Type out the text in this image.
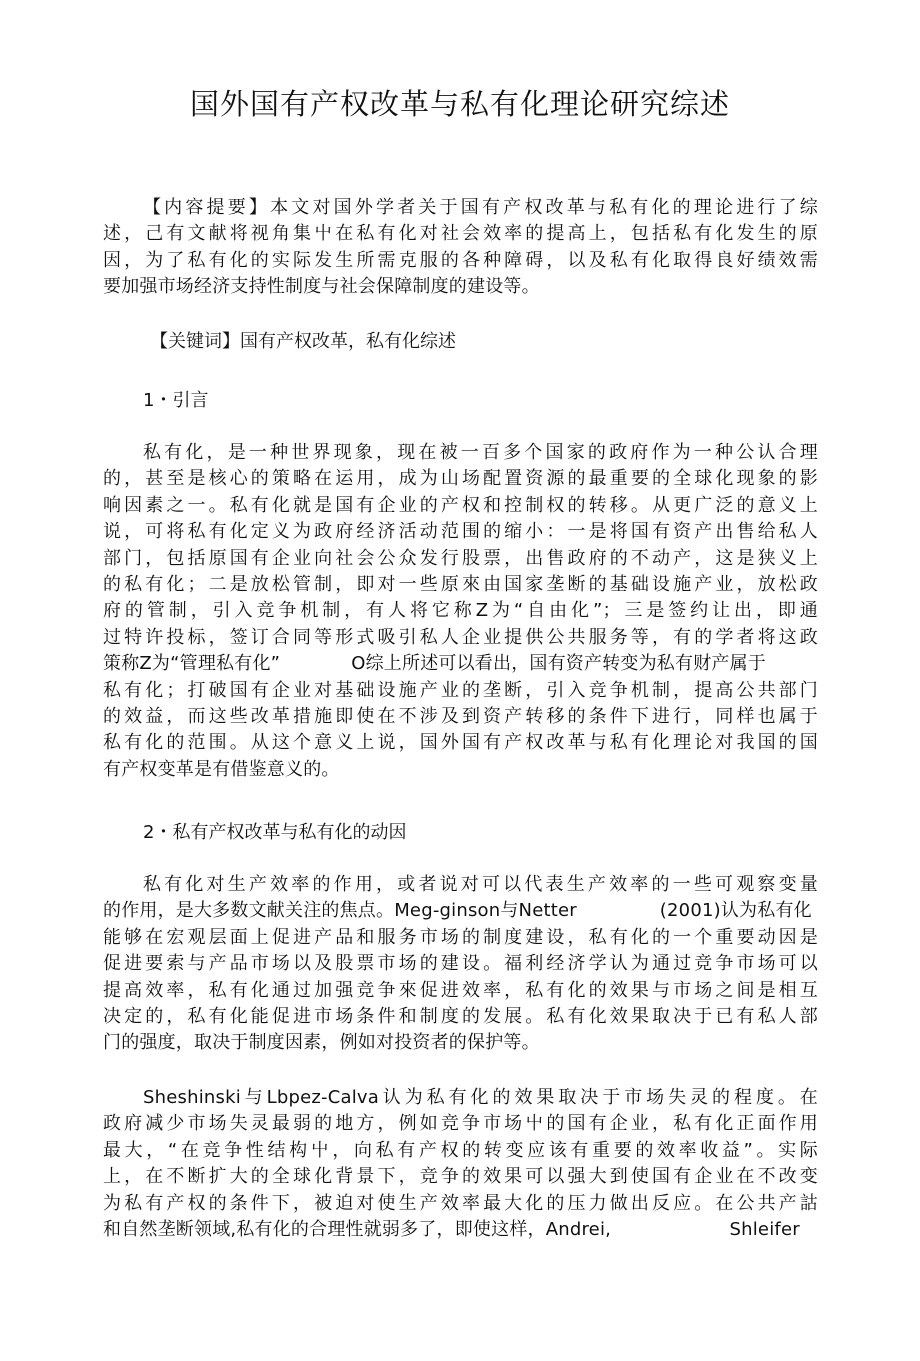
国外国有产权改革与私有化理论研究综述
【内容提要】本文对国外学者关于国有产权改革与私有化的理论进行了综
述，己有文献将视角集屮在私有化对社会效率的提高上，包括私有化发生的原
因，为了私有化的实际发生所需克服的各种障碍，以及私有化取得良好绩效需
要加强市场经济支持性制度与社会保障制度的建设等。
【关键词】国有产权改革，私有化综述
1・引言
私有化，是一种世界现象，现在被一百多个国家的政府作为一种公认合理
的，甚至是核心的策略在运用，成为山场配置资源的最重要的全球化现象的影
响因素之一。私有化就是国有企业的产权和控制权的转移。从更广泛的意义上
说，可将私有化定义为政府经济活动范围的缩小：一是将国有资产出售给私人
部门，包括原国有企业向社会公众发行股票，出售政府的不动产，这是狭义上
的私有化；二是放松管制，即对一些原來由国家垄断的基础设施产业，放松政
府的管制，引入竞争机制，有人将它称Z为“自由化”；三是签约让出，即通
过特许投标，签订合同等形式吸引私人企业提供公共服务等，有的学者将这政
策称Z为“管理私有化”            O综上所述可以看出，国有资产转变为私有财产属于
私有化；打破国有企业对基础设施产业的垄断，引入竞争机制，提高公共部门
的效益，而这些改革措施即使在不涉及到资产转移的条件下进行，同样也属于
私有化的范围。从这个意义上说，国外国有产权改革与私有化理论对我国的国
有产权变革是有借鉴意义的。
2・私有产权改革与私有化的动因
私有化对生产效率的作用，或者说对可以代表生产效率的一些可观察变量
的作用，是大多数文献关注的焦点。Meg-ginson与Netter              (2001)认为私有化
能够在宏观层面上促进产品和服务市场的制度建设，私有化的一个重要动因是
促进要索与产品市场以及股票市场的建设。福利经济学认为通过竞争市场可以
提高效率，私有化通过加强竞争來促进效率，私有化的效果与市场之间是相互
决定的，私有化能促进市场条件和制度的发展。私有化效果取决于已有私人部
门的强度，取决于制度因素，例如对投资者的保护等。
Sheshinski与Lbpez-Calva认为私有化的效果取决于市场失灵的程度。在
政府减少市场失灵最弱的地方，例如竞争市场屮的国有企业，私有化正面作用
最大，“在竞争性结构屮，向私有产权的转变应该有重要的效率收益”。实际
上，在不断扩大的全球化背景下，竞争的效果可以强大到使国有企业在不改变
为私有产权的条件下，被迫对使生产效率最大化的压力做出反应。在公共产詁
和自然垄断领域,私有化的合理性就弱多了，即使这样，Andrei,                    Shleifer
